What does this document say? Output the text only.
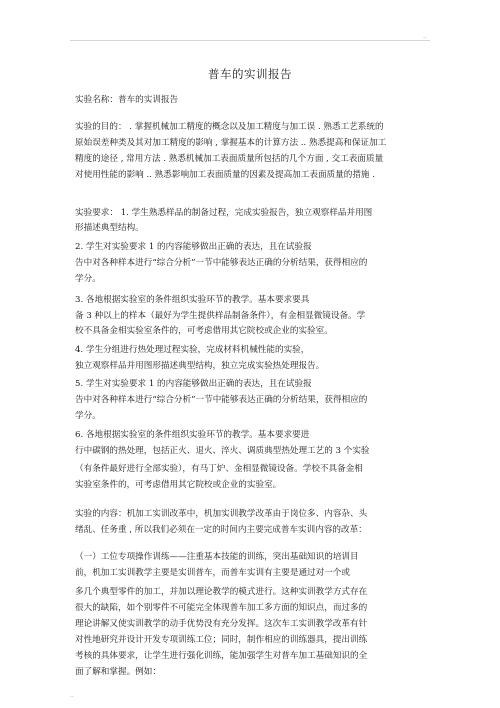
..
普车的实训报告
实验名称：普车的实训报告
实验的目的： . 掌握机械加工精度的概念以及加工精度与加工误 . 熟悉工艺系统的
原始误差种类及其对加工精度的影响 , 掌握基本的计算方法 .. 熟悉提高和保证加工
精度的途径 , 常用方法 . 熟悉机械加工表面质量所包括的几个方面 , 交工表面质量
对使用性能的影响 .. 熟悉影响加工表面质量的因素及提高加工表面质量的措施 .
实验要求： 1. 学生熟悉样品的制备过程，完成实验报告，独立观察样品并用图
形描述典型结构。
2. 学生对实验要求 1 的内容能够做出正确的表达，且在试验报
告中对各种样本进行“综合分析”一节中能够表达正确的分析结果，获得相应的
学分。
3. 各地根据实验室的条件组织实验环节的教学。基本要求要具
备 3 种以上的样本（最好为学生提供样品制备条件），有金相显微镜设备。学
校不具备金相实验室条件的，可考虑借用其它院校或企业的实验室。
4. 学生分组进行热处理过程实验，完成材料机械性能的实验，
独立观察样品并用图形描述典型结构，独立完成实验热处理报告。
5. 学生对实验要求 1 的内容能够做出正确的表达，且在试验报
告中对各种样本进行“综合分析”一节中能够表达正确的分析结果，获得相应的
学分。
6. 各地根据实验室的条件组织实验环节的教学。基本要求要进
行中碳钢的热处理，包括正火、退火、淬火、调质典型热处理工艺的 3 个实验
（有条件最好进行全部实验），有马丁炉、金相显微镜设备。学校不具备金相
实验室条件的，可考虑借用其它院校或企业的实验室。
实验的内容：机加工实训改革中，机加实训教学改革由于岗位多、内容杂、头
绪乱、任务重 , 所以我们必须在一定的时间内主要完成普车实训内容的改革：
（一）工位专项操作训练——注重基本技能的训练，突出基础知识的培训目
前，机加工实训教学主要是实训普车，而普车实训有主要是通过对一个或
多几个典型零件的加工，并加以理论教学的模式进行。这种实训教学方式存在
很大的缺陷，如个别零件不可能完全体现普车加工多方面的知识点，而过多的
理论讲解又使实训教学的动手优势没有充分发挥。这次车工实训教学改革有针
对性地研究并设计开发专项训练工位；同时，制作相应的训练器具，提出训练
考核的具体要求，让学生进行强化训练，能加强学生对普车加工基础知识的全
面了解和掌握。例如：
..
